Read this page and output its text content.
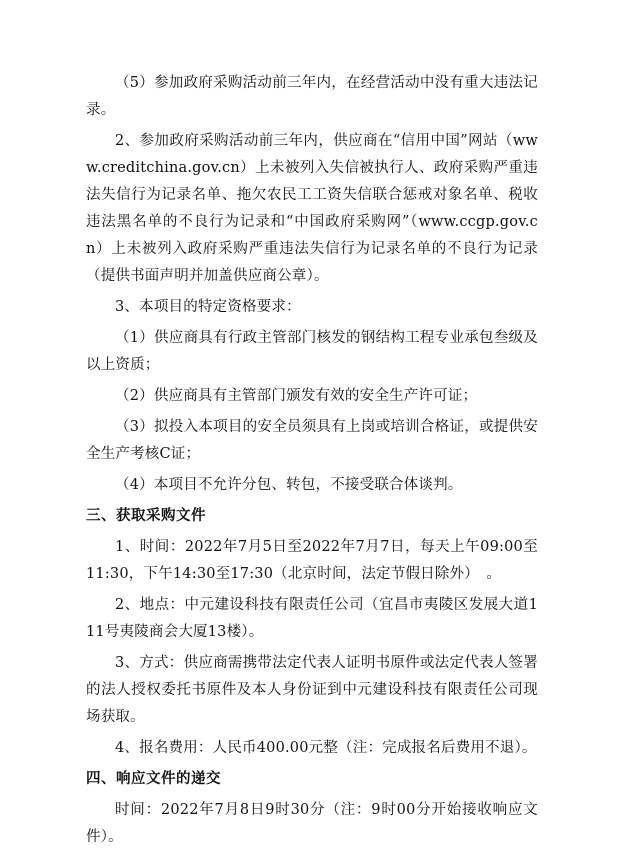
（5）参加政府采购活动前三年内，在经营活动中没有重大违法记录。

2、参加政府采购活动前三年内，供应商在“信用中国”网站（www.creditchina.gov.cn）上未被列入失信被执行人、政府采购严重违法失信行为记录名单、拖欠农民工工资失信联合惩戒对象名单、税收违法黑名单的不良行为记录和“中国政府采购网”（www.ccgp.gov.cn）上未被列入政府采购严重违法失信行为记录名单的不良行为记录（提供书面声明并加盖供应商公章）。

3、本项目的特定资格要求：

（1）供应商具有行政主管部门核发的钢结构工程专业承包叁级及以上资质；

（2）供应商具有主管部门颁发有效的安全生产许可证；

（3）拟投入本项目的安全员须具有上岗或培训合格证，或提供安全生产考核C证；

（4）本项目不允许分包、转包，不接受联合体谈判。

三、获取采购文件

1、时间：2022年7月5日至2022年7月7日，每天上午09:00至11:30，下午14:30至17:30（北京时间，法定节假日除外）　。

2、地点：中元建设科技有限责任公司（宜昌市夷陵区发展大道111号夷陵商会大厦13楼）。

3、方式：供应商需携带法定代表人证明书原件或法定代表人签署的法人授权委托书原件及本人身份证到中元建设科技有限责任公司现场获取。

4、报名费用：人民币400.00元整（注：完成报名后费用不退）。

四、响应文件的递交

时间：2022年7月8日9时30分（注：9时00分开始接收响应文件）。
